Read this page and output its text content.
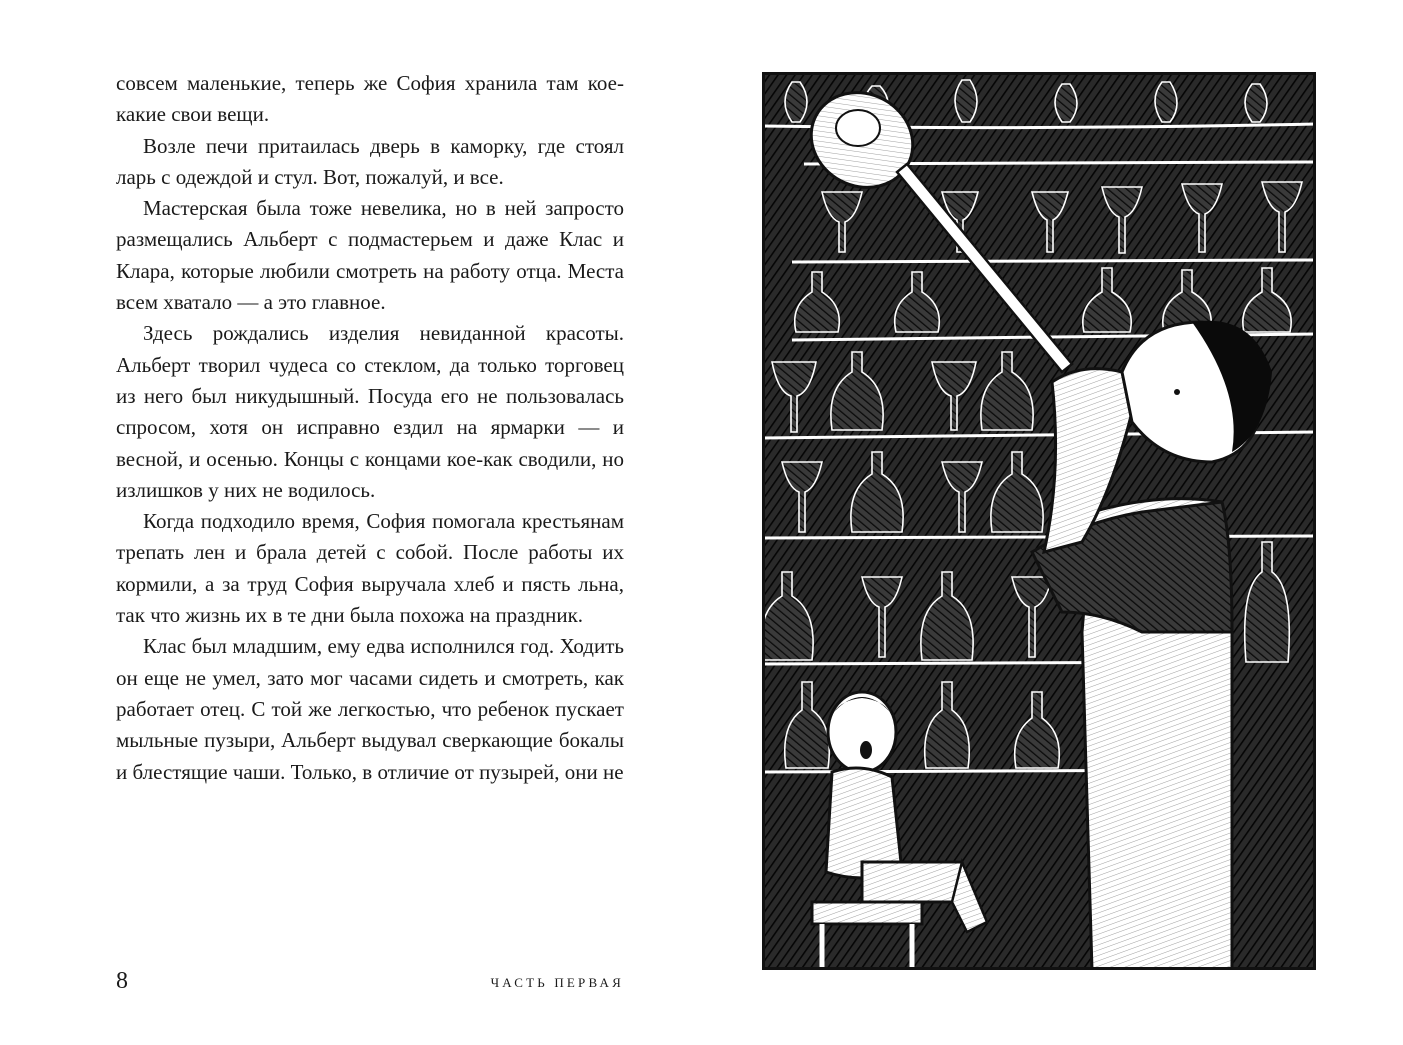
совсем маленькие, теперь же София хранила там кое-какие свои вещи.

Возле печи притаилась дверь в каморку, где стоял ларь с одеждой и стул. Вот, пожалуй, и все.

Мастерская была тоже невелика, но в ней запросто размещались Альберт с подмастерьем и даже Клас и Клара, которые любили смотреть на работу отца. Места всем хватало — а это главное.

Здесь рождались изделия невиданной красоты. Альберт творил чудеса со стеклом, да только торговец из него был никудышный. Посуда его не пользовалась спросом, хотя он исправно ездил на ярмарки — и весной, и осенью. Концы с концами кое-как сводили, но излишков у них не водилось.

Когда подходило время, София помогала крестьянам трепать лен и брала детей с собой. После работы их кормили, а за труд София выручала хлеб и пясть льна, так что жизнь их в те дни была похожа на праздник.

Клас был младшим, ему едва исполнился год. Ходить он еще не умел, зато мог часами сидеть и смотреть, как работает отец. С той же легкостью, что ребенок пускает мыльные пузыри, Альберт выдувал сверкающие бокалы и блестящие чаши. Только, в отличие от пузырей, они не

8	ЧАСТЬ ПЕРВАЯ
